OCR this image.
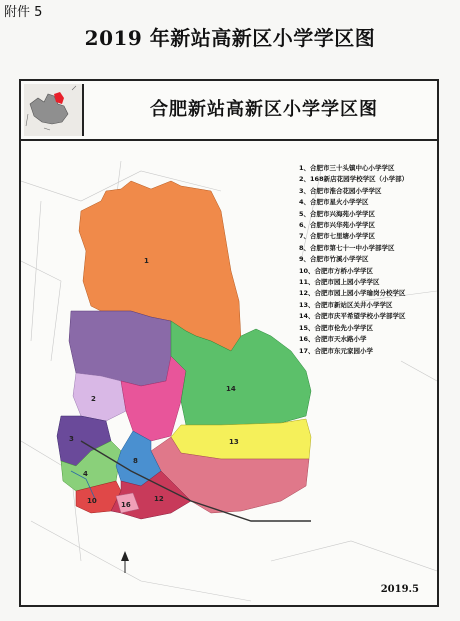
附件 5
2019 年新站高新区小学学区图
合肥新站高新区小学学区图
1
2
14
13
3
4
8
10	12
16
1、合肥市三十头镇中心小学学区
2、168新店花园学校学区（小学部）
3、合肥市淮合花园小学学区
4、合肥市星火小学学区
5、合肥市兴海苑小学学区
6、合肥市兴华苑小学学区
7、合肥市七里塘小学学区
8、合肥市第七十一中小学部学区
9、合肥市竹溪小学学区
10、合肥市方桥小学学区
11、合肥市园上园小学学区
12、合肥市园上园小学瑜岗分校学区
13、合肥市新站区关井小学学区
14、合肥市庆平希望学校小学部学区
15、合肥市伦先小学学区
16、合肥市天水路小学
17、合肥市东元家园小学
2019.5
